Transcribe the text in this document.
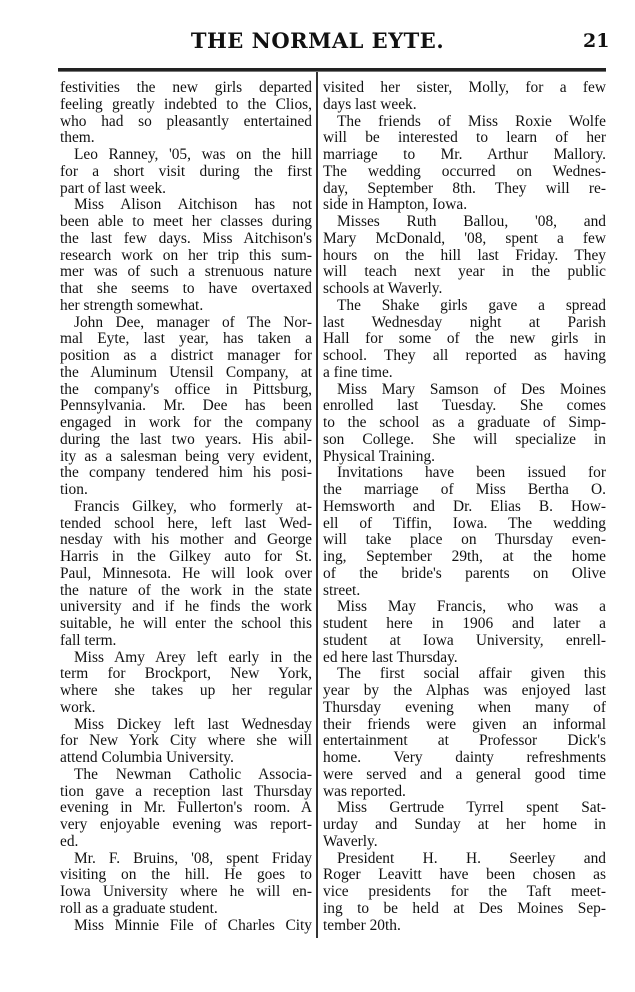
THE NORMAL EYTE.	21
festivities the new girls departed
feeling greatly indebted to the Clios,
who had so pleasantly entertained
them.
Leo Ranney, '05, was on the hill
for a short visit during the first
part of last week.
Miss Alison Aitchison has not
been able to meet her classes during
the last few days. Miss Aitchison's
research work on her trip this sum-
mer was of such a strenuous nature
that she seems to have overtaxed
her strength somewhat.
John Dee, manager of The Nor-
mal Eyte, last year, has taken a
position as a district manager for
the Aluminum Utensil Company, at
the company's office in Pittsburg,
Pennsylvania. Mr. Dee has been
engaged in work for the company
during the last two years. His abil-
ity as a salesman being very evident,
the company tendered him his posi-
tion.
Francis Gilkey, who formerly at-
tended school here, left last Wed-
nesday with his mother and George
Harris in the Gilkey auto for St.
Paul, Minnesota. He will look over
the nature of the work in the state
university and if he finds the work
suitable, he will enter the school this
fall term.
Miss Amy Arey left early in the
term for Brockport, New York,
where she takes up her regular
work.
Miss Dickey left last Wednesday
for New York City where she will
attend Columbia University.
The Newman Catholic Associa-
tion gave a reception last Thursday
evening in Mr. Fullerton's room. A
very enjoyable evening was report-
ed.
Mr. F. Bruins, '08, spent Friday
visiting on the hill. He goes to
Iowa University where he will en-
roll as a graduate student.
Miss Minnie File of Charles City
visited her sister, Molly, for a few
days last week.
The friends of Miss Roxie Wolfe
will be interested to learn of her
marriage to Mr. Arthur Mallory.
The wedding occurred on Wednes-
day, September 8th. They will re-
side in Hampton, Iowa.
Misses Ruth Ballou, '08, and
Mary McDonald, '08, spent a few
hours on the hill last Friday. They
will teach next year in the public
schools at Waverly.
The Shake girls gave a spread
last Wednesday night at Parish
Hall for some of the new girls in
school. They all reported as having
a fine time.
Miss Mary Samson of Des Moines
enrolled last Tuesday. She comes
to the school as a graduate of Simp-
son College. She will specialize in
Physical Training.
Invitations have been issued for
the marriage of Miss Bertha O.
Hemsworth and Dr. Elias B. How-
ell of Tiffin, Iowa. The wedding
will take place on Thursday even-
ing, September 29th, at the home
of the bride's parents on Olive
street.
Miss May Francis, who was a
student here in 1906 and later a
student at Iowa University, enrell-
ed here last Thursday.
The first social affair given this
year by the Alphas was enjoyed last
Thursday evening when many of
their friends were given an informal
entertainment at Professor Dick's
home. Very dainty refreshments
were served and a general good time
was reported.
Miss Gertrude Tyrrel spent Sat-
urday and Sunday at her home in
Waverly.
President H. H. Seerley and
Roger Leavitt have been chosen as
vice presidents for the Taft meet-
ing to be held at Des Moines Sep-
tember 20th.
